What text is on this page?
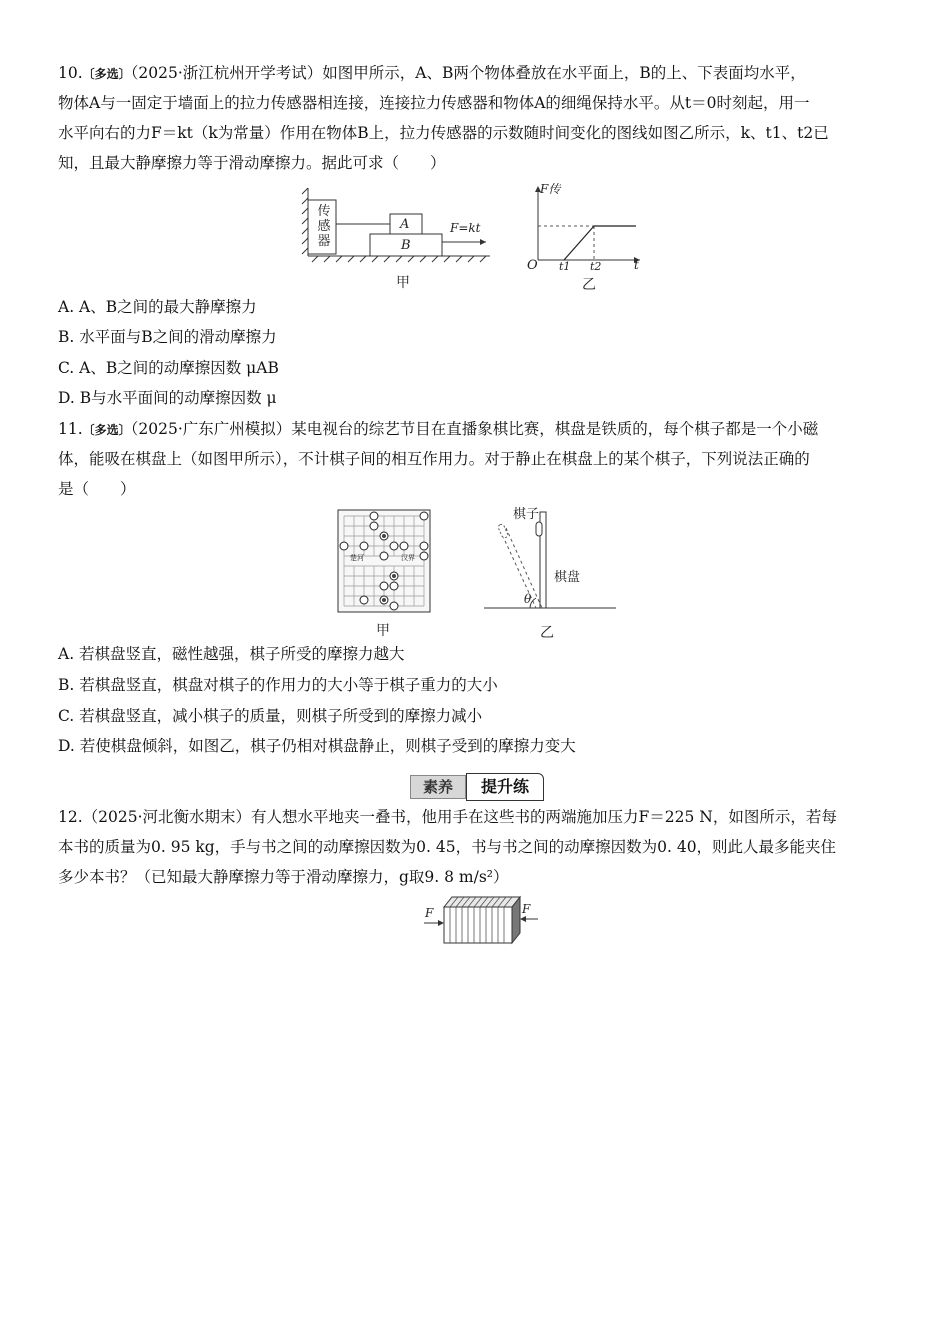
10.〔多选〕（2025·浙江杭州开学考试）如图甲所示，A、B两个物体叠放在水平面上，B的上、下表面均水平，
物体A与一固定于墙面上的拉力传感器相连接，连接拉力传感器和物体A的细绳保持水平。从t＝0时刻起，用一
水平向右的力F＝kt（k为常量）作用在物体B上，拉力传感器的示数随时间变化的图线如图乙所示，k、t1、t2已
知，且最大静摩擦力等于滑动摩擦力。据此可求（　　）
传感器
A
B
F=kt
甲
F传
O t1 t2	t
乙
A. A、B之间的最大静摩擦力
B. 水平面与B之间的滑动摩擦力
C. A、B之间的动摩擦因数 μAB
D. B与水平面间的动摩擦因数 μ
11.〔多选〕（2025·广东广州模拟）某电视台的综艺节目在直播象棋比赛，棋盘是铁质的，每个棋子都是一个小磁
体，能吸在棋盘上（如图甲所示），不计棋子间的相互作用力。对于静止在棋盘上的某个棋子，下列说法正确的
是（　　）
楚河	汉界
甲
棋子
棋盘
θ
乙
A. 若棋盘竖直，磁性越强，棋子所受的摩擦力越大
B. 若棋盘竖直，棋盘对棋子的作用力的大小等于棋子重力的大小
C. 若棋盘竖直，减小棋子的质量，则棋子所受到的摩擦力减小
D. 若使棋盘倾斜，如图乙，棋子仍相对棋盘静止，则棋子受到的摩擦力变大
素养	提升练
12.（2025·河北衡水期末）有人想水平地夹一叠书，他用手在这些书的两端施加压力F＝225 N，如图所示，若每
本书的质量为0. 95 kg，手与书之间的动摩擦因数为0. 45，书与书之间的动摩擦因数为0. 40，则此人最多能夹住
多少本书？（已知最大静摩擦力等于滑动摩擦力，g取9. 8 m/s²）
F	F
